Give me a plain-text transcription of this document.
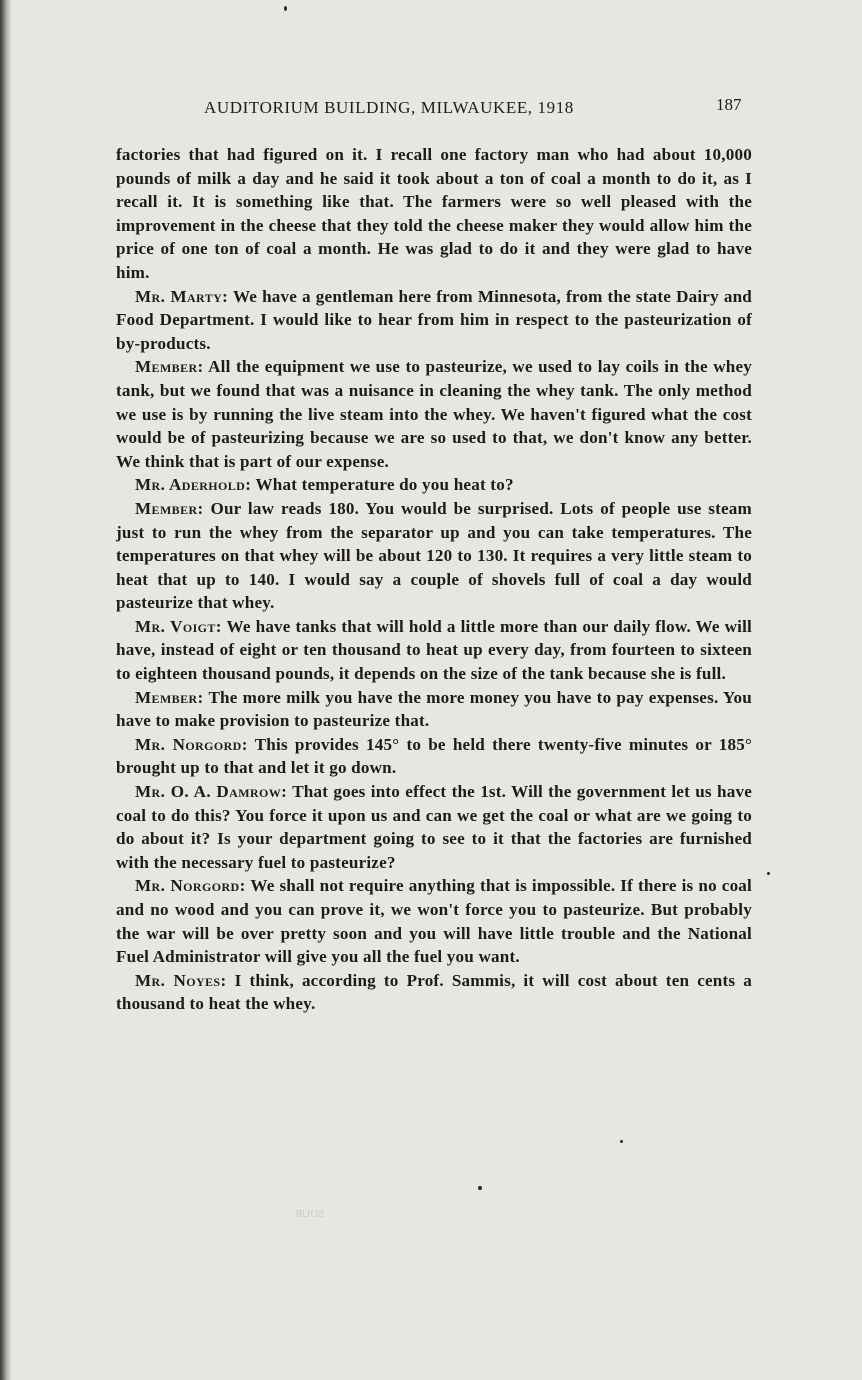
AUDITORIUM BUILDING, MILWAUKEE, 1918	187

factories that had figured on it. I recall one factory man who had about 10,000 pounds of milk a day and he said it took about a ton of coal a month to do it, as I recall it. It is something like that. The farmers were so well pleased with the improvement in the cheese that they told the cheese maker they would allow him the price of one ton of coal a month. He was glad to do it and they were glad to have him.

Mr. Marty: We have a gentleman here from Minnesota, from the state Dairy and Food Department. I would like to hear from him in respect to the pasteurization of by-products.

Member: All the equipment we use to pasteurize, we used to lay coils in the whey tank, but we found that was a nuisance in cleaning the whey tank. The only method we use is by running the live steam into the whey. We haven't figured what the cost would be of pasteurizing because we are so used to that, we don't know any better. We think that is part of our expense.

Mr. Aderhold: What temperature do you heat to?

Member: Our law reads 180. You would be surprised. Lots of people use steam just to run the whey from the separator up and you can take temperatures. The temperatures on that whey will be about 120 to 130. It requires a very little steam to heat that up to 140. I would say a couple of shovels full of coal a day would pasteurize that whey.

Mr. Voigt: We have tanks that will hold a little more than our daily flow. We will have, instead of eight or ten thousand to heat up every day, from fourteen to sixteen to eighteen thousand pounds, it depends on the size of the tank because she is full.

Member: The more milk you have the more money you have to pay expenses. You have to make provision to pasteurize that.

Mr. Norgord: This provides 145° to be held there twenty-five minutes or 185° brought up to that and let it go down.

Mr. O. A. Damrow: That goes into effect the 1st. Will the government let us have coal to do this? You force it upon us and can we get the coal or what are we going to do about it? Is your department going to see to it that the factories are furnished with the necessary fuel to pasteurize?

Mr. Norgord: We shall not require anything that is impossible. If there is no coal and no wood and you can prove it, we won't force you to pasteurize. But probably the war will be over pretty soon and you will have little trouble and the National Fuel Administrator will give you all the fuel you want.

Mr. Noyes: I think, according to Prof. Sammis, it will cost about ten cents a thousand to heat the whey.

SOUR
